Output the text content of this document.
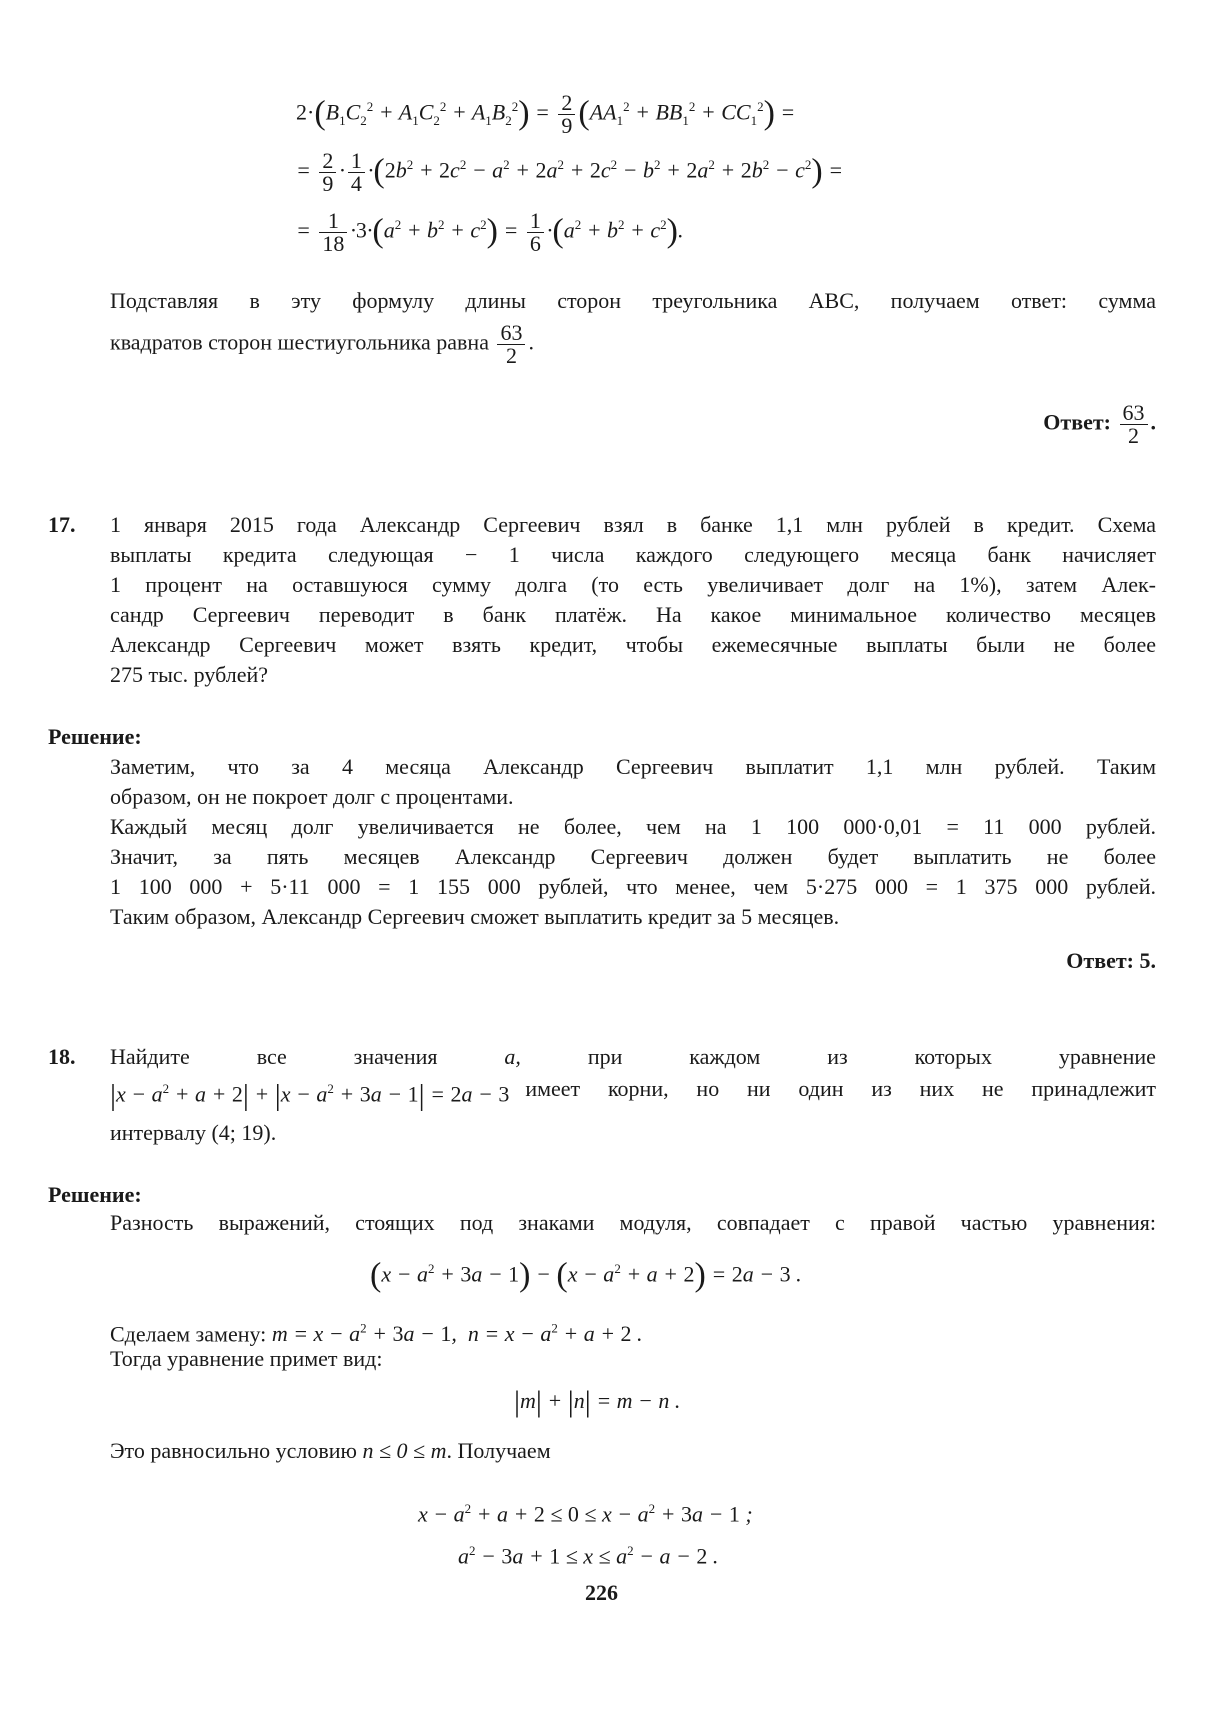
$2\cdot(B_1C_2^2 + A_1C_2^2 + A_1B_2^2) = \frac{2}{9} (AA_1^2 + BB_1^2 + CC_1^2)$ =
= $\frac{2}{9} \cdot \frac{1}{4} \cdot(2b^2 + 2c^2 - a^2 + 2a^2 + 2c^2 - b^2 + 2a^2 + 2b^2 - c^2)$ =
= $\frac{1}{18} \cdot 3\cdot(a^2 + b^2 + c^2) = \frac{1}{6} \cdot(a^2 + b^2 + c^2)$.
Подставляя в эту формулу длины сторон треугольника ABC, получаем ответ: сумма
квадратов сторон шестиугольника равна $\frac{63}{2}$ .
Ответ: $\frac{63}{2}$ .
17. 1 января 2015 года Александр Сергеевич взял в банке 1,1 млн рублей в кредит. Схема
выплаты кредита следующая − 1 числа каждого следующего месяца банк начисляет
1 процент на оставшуюся сумму долга (то есть увеличивает долг на 1%), затем Алек-
сандр Сергеевич переводит в банк платёж. На какое минимальное количество месяцев
Александр Сергеевич может взять кредит, чтобы ежемесячные выплаты были не более
275 тыс. рублей?
Решение:
Заметим, что за 4 месяца Александр Сергеевич выплатит 1,1 млн рублей. Таким
образом, он не покроет долг с процентами.
Каждый месяц долг увеличивается не более, чем на 1 100 000·0,01 = 11 000 рублей.
Значит, за пять месяцев Александр Сергеевич должен будет выплатить не более
1 100 000 + 5·11 000 = 1 155 000 рублей, что менее, чем 5·275 000 = 1 375 000 рублей.
Таким образом, Александр Сергеевич сможет выплатить кредит за 5 месяцев.
Ответ: 5.
18. Найдите	все	значения	a,	при	каждом	из	которых	уравнение
$|x - a^2 + a + 2| + |x - a^2 + 3a - 1| = 2a - 3$ имеет корни, но ни один из них не принадлежит
интервалу (4; 19).
Решение:
Разность выражений, стоящих под знаками модуля, совпадает с правой частью уравнения:
$(x - a^2 + 3a - 1) - (x - a^2 + a + 2) = 2a - 3$ .
Сделаем замену: $m = x - a^2 + 3a - 1$,  $n = x - a^2 + a + 2$ .
Тогда уравнение примет вид:
|m| + |n| = m − n .
Это равносильно условию n ≤ 0 ≤ m. Получаем
$x - a^2 + a + 2 \le 0 \le x - a^2 + 3a - 1$ ;
$a^2 - 3a + 1 \le x \le a^2 - a - 2$ .
226
